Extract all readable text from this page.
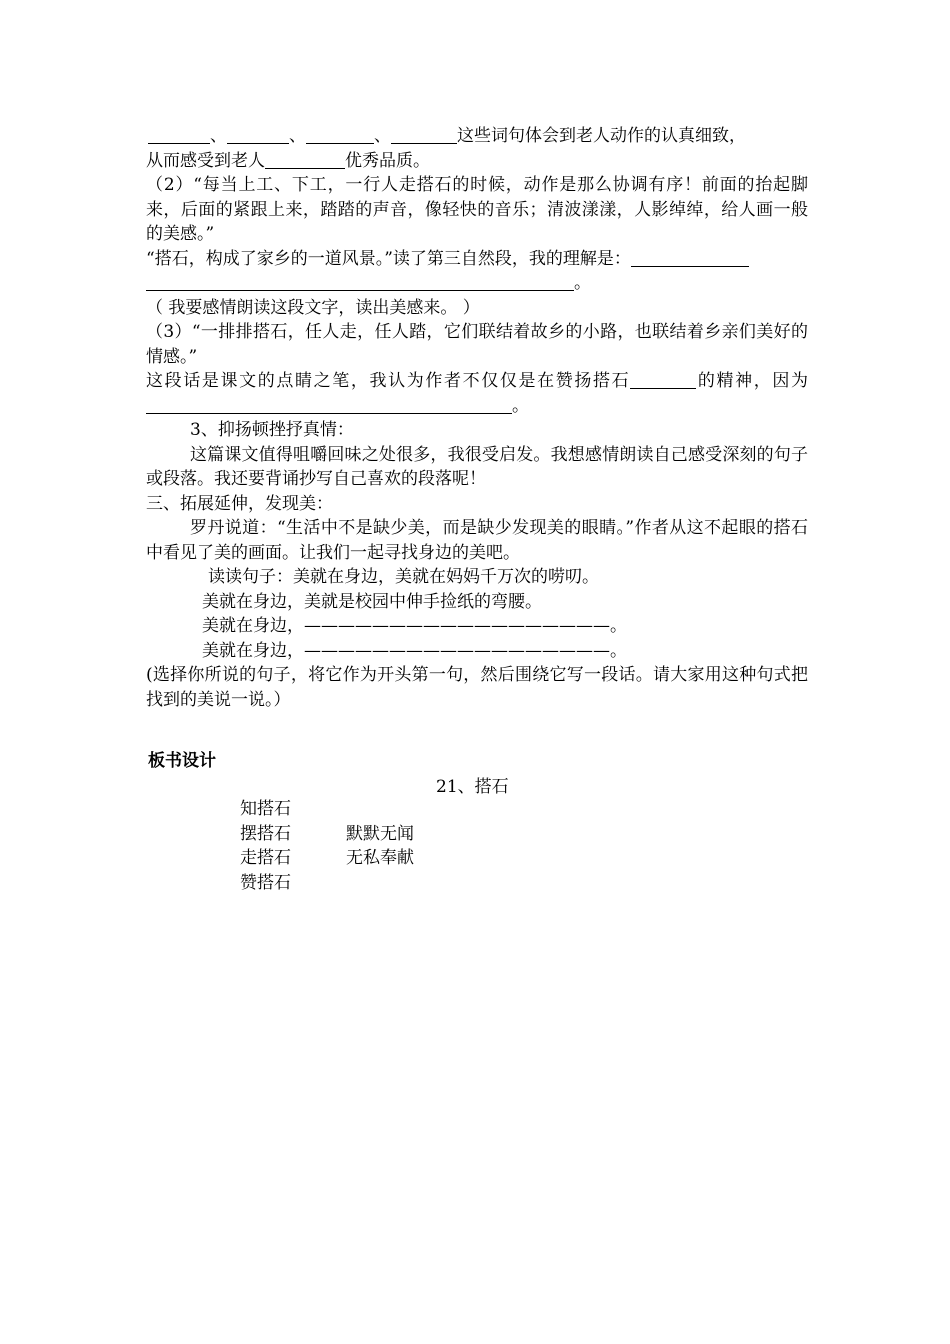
、	、	、	这些词句体会到老人动作的认真细致，

从而感受到老人	优秀品质。

（2）“每当上工、下工，一行人走搭石的时候，动作是那么协调有序！前面的抬起脚来，后面的紧跟上来，踏踏的声音，像轻快的音乐；清波漾漾，人影绰绰，给人画一般的美感。”

“搭石，构成了家乡的一道风景。”读了第三自然段，我的理解是：
。

（ 我要感情朗读这段文字，读出美感来。 ）

（3）“一排排搭石，任人走，任人踏，它们联结着故乡的小路，也联结着乡亲们美好的情感。”

这段话是课文的点睛之笔，我认为作者不仅仅是在赞扬搭石	的精神，因为。

3、抑扬顿挫抒真情：

这篇课文值得咀嚼回味之处很多，我很受启发。我想感情朗读自己感受深刻的句子或段落。我还要背诵抄写自己喜欢的段落呢！

三、拓展延伸，发现美：

罗丹说道：“生活中不是缺少美，而是缺少发现美的眼睛。”作者从这不起眼的搭石中看见了美的画面。让我们一起寻找身边的美吧。

读读句子：美就在身边，美就在妈妈千万次的唠叨。

美就在身边，美就是校园中伸手捡纸的弯腰。

美就在身边，——————————————————。

美就在身边，——————————————————。

(选择你所说的句子，将它作为开头第一句，然后围绕它写一段话。请大家用这种句式把找到的美说一说。）

板书设计
21、搭石
知搭石
摆搭石	默默无闻
走搭石	无私奉献
赞搭石
